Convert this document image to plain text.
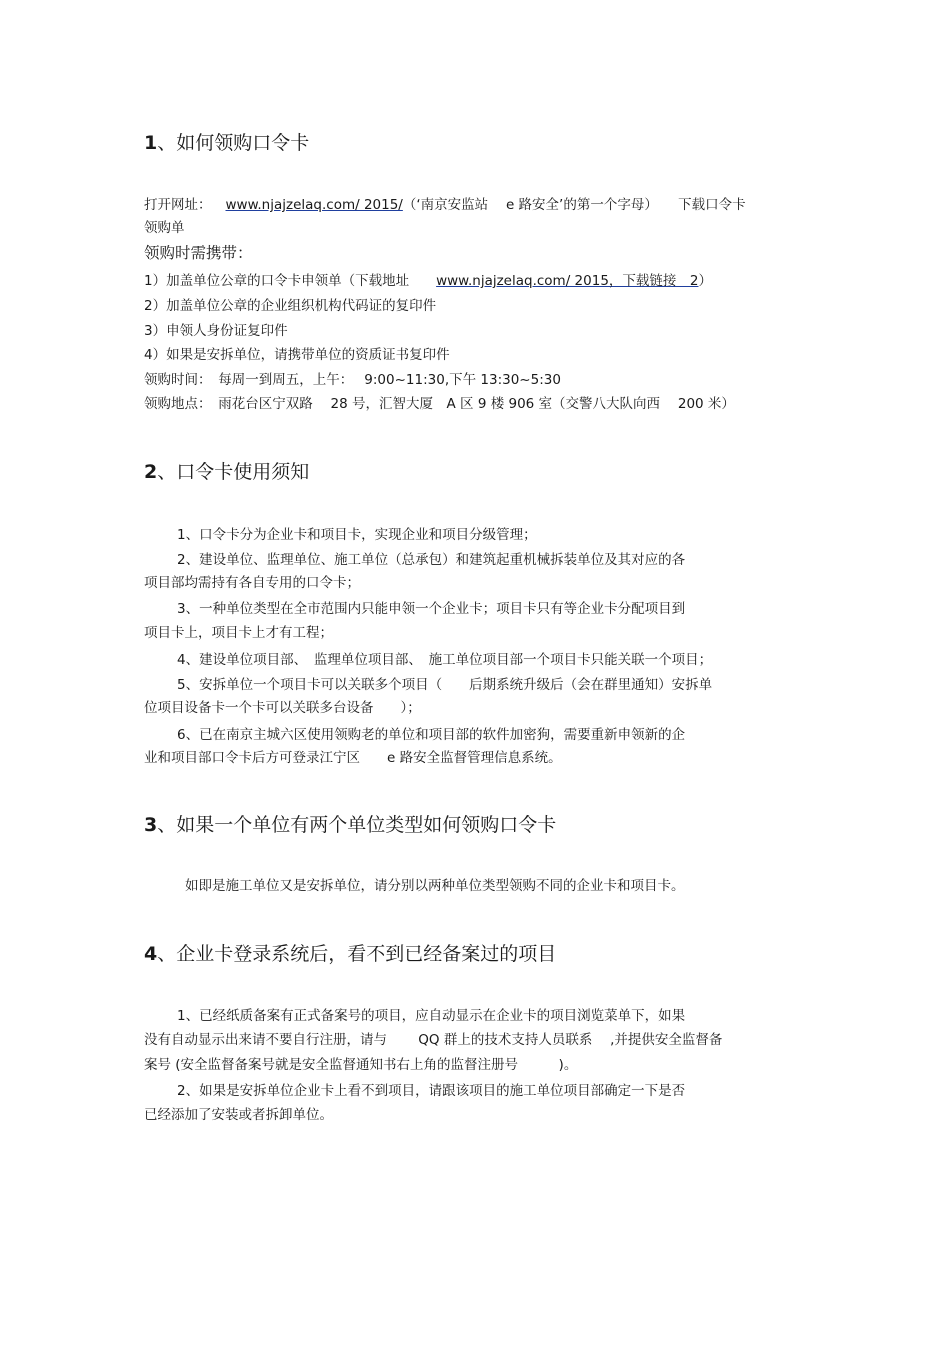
1、如何领购口令卡
打开网址： www.njajzelaq.com/ 2015/（‘南京安监站　 e 路安全’的第一个字母）　　下载口令卡
领购单
领购时需携带：
1）加盖单位公章的口令卡申领单（下载地址　　www.njajzelaq.com/ 2015，下载链接　2）
2）加盖单位公章的企业组织机构代码证的复印件
3）申领人身份证复印件
4）如果是安拆单位，请携带单位的资质证书复印件
领购时间：　每周一到周五，上午：　 9:00~11:30,下午 13:30~5:30
领购地点：　雨花台区宁双路　 28 号，汇智大厦　A 区 9 楼 906 室（交警八大队向西　 200 米）
2、口令卡使用须知
1、口令卡分为企业卡和项目卡，实现企业和项目分级管理；
2、建设单位、监理单位、施工单位（总承包）和建筑起重机械拆装单位及其对应的各
项目部均需持有各自专用的口令卡；
3、一种单位类型在全市范围内只能申领一个企业卡；项目卡只有等企业卡分配项目到
项目卡上，项目卡上才有工程；
4、建设单位项目部、　监理单位项目部、　施工单位项目部一个项目卡只能关联一个项目；
5、安拆单位一个项目卡可以关联多个项目（　　后期系统升级后（会在群里通知）安拆单
位项目设备卡一个卡可以关联多台设备　　）；
6、已在南京主城六区使用领购老的单位和项目部的软件加密狗，需要重新申领新的企
业和项目部口令卡后方可登录江宁区　　e 路安全监督管理信息系统。
3、如果一个单位有两个单位类型如何领购口令卡
如即是施工单位又是安拆单位，请分别以两种单位类型领购不同的企业卡和项目卡。
4、企业卡登录系统后，看不到已经备案过的项目
1、已经纸质备案有正式备案号的项目，应自动显示在企业卡的项目浏览菜单下，如果
没有自动显示出来请不要自行注册，请与　　 QQ 群上的技术支持人员联系　 ,并提供安全监督备
案号 (安全监督备案号就是安全监督通知书右上角的监督注册号　　　)。
2、如果是安拆单位企业卡上看不到项目，请跟该项目的施工单位项目部确定一下是否
已经添加了安装或者拆卸单位。
